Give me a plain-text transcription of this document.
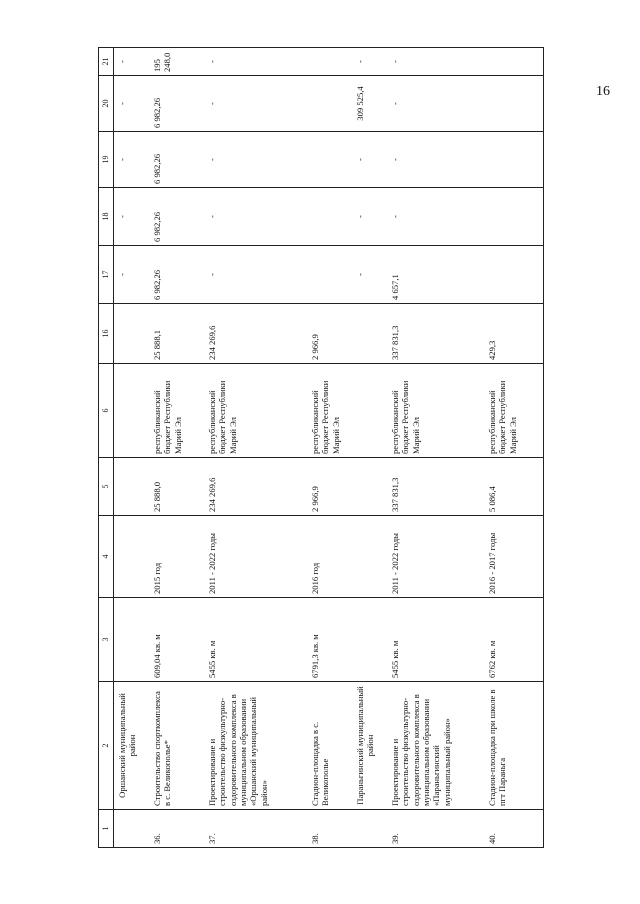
16
1	2	3	4	5	6	16	17	18	19	20	21
	Оршанский муниципальный район						-	-	-	-	-
36.	Строительство спорткомплекса в с. Великополье*	609,04 кв. м	2015 год	25 888,0	республиканский бюджет Республики Марий Эл	25 888,1	6 982,26	6 982,26	6 982,26	6 982,26	195 248,0
37.	Проектирование и строительство физкультурно-оздоровительного комплекса в муниципальном образовании «Оршанский муниципальный район»	5455 кв. м	2011 - 2022 годы	234 269,6	республиканский бюджет Республики Марий Эл	234 269,6	-	-	-	-	-
38.	Стадион-площадка в с. Великополье	6791,3 кв. м	2016 год	2 966,9	республиканский бюджет Республики Марий Эл	2 966,9					
	Параньгинский муниципальный район						-	-	-	309 525,4	-
39.	Проектирование и строительство физкультурно-оздоровительного комплекса в муниципальном образовании «Параньгинский муниципальный район»	5455 кв. м	2011 - 2022 годы	337 831,3	республиканский бюджет Республики Марий Эл	337 831,3	4 657,1	-	-	-	-
40.	Стадион-площадка при школе в пгт Параньга	6762 кв. м	2016 - 2017 годы	5 086,4	республиканский бюджет Республики Марий Эл	429,3					
